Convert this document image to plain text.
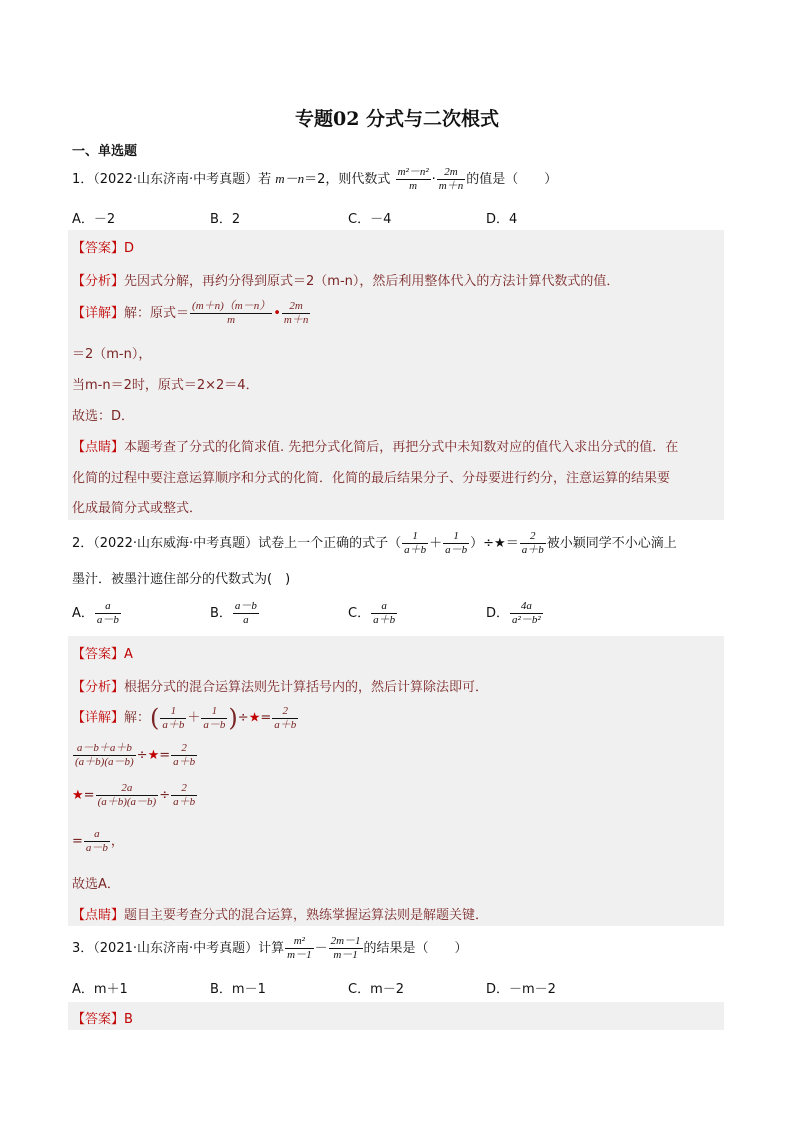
专题02 分式与二次根式
一、单选题
1．（2022·山东济南·中考真题）若 m－n＝2，则代数式 $\frac{\text{m²－n²}}{m} \cdot \frac{2m}{m+n}$ 的值是（　　）
A．－2	B．2	C．－4	D．4
【答案】D
【分析】先因式分解，再约分得到原式＝2（m-n），然后利用整体代入的方法计算代数式的值．
【详解】解：原式＝ $\frac{(m+n)(m-n)}{m}$ • $\frac{2m}{m+n}$
＝2（m-n），
当m-n＝2时，原式＝2×2＝4．
故选：D．
【点睛】本题考查了分式的化简求值. 先把分式化简后，再把分式中未知数对应的值代入求出分式的值．在
化简的过程中要注意运算顺序和分式的化简．化简的最后结果分子、分母要进行约分，注意运算的结果要
化成最简分式或整式．
2．（2022·山东威海·中考真题）试卷上一个正确的式子（ $\frac{1}{a+b} + \frac{1}{a-b}$ ）÷★＝ $\frac{2}{a+b}$ 被小颖同学不小心滴上
墨汁．被墨汁遮住部分的代数式为(　)
A． $\frac{a}{a-b}$	B． $\frac{a-b}{a}$	C． $\frac{a}{a+b}$	D． $\frac{4a}{\text{a²－b²}}$
【答案】A
【分析】根据分式的混合运算法则先计算括号内的，然后计算除法即可．
【详解】解：( $\frac{1}{a+b} + \frac{1}{a-b}$ )÷★= $\frac{2}{a+b}$
$\frac{a-b+a+b}{(a+b)(a-b)}$ ÷★= $\frac{2}{a+b}$
★= $\frac{2a}{(a+b)(a-b)} \div \frac{2}{a+b}$
= $\frac{a}{a-b}$ ，
故选A．
【点睛】题目主要考查分式的混合运算，熟练掌握运算法则是解题关键．
3．（2021·山东济南·中考真题）计算 $\frac{\text{m²}}{m-1} - \frac{2m-1}{m-1}$ 的结果是（　　）
A．m＋1	B．m－1	C．m－2	D．－m－2
【答案】B
